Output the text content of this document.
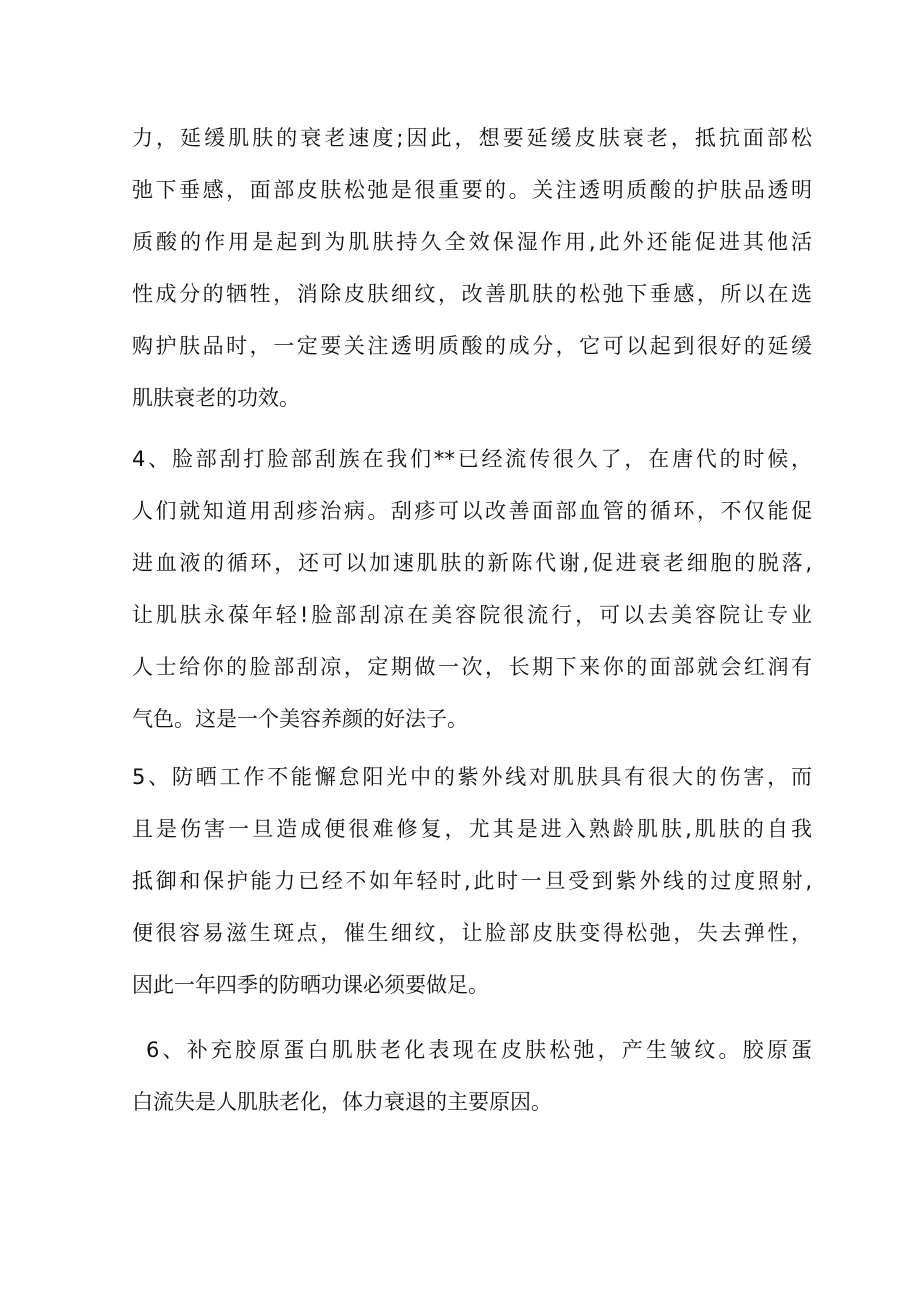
力，延缓肌肤的衰老速度;因此，想要延缓皮肤衰老，抵抗面部松
弛下垂感，面部皮肤松弛是很重要的。关注透明质酸的护肤品透明
质酸的作用是起到为肌肤持久全效保湿作用,此外还能促进其他活
性成分的牺牲，消除皮肤细纹，改善肌肤的松弛下垂感，所以在选
购护肤品时，一定要关注透明质酸的成分，它可以起到很好的延缓
肌肤衰老的功效。
4、脸部刮打脸部刮族在我们**已经流传很久了，在唐代的时候，
人们就知道用刮疹治病。刮疹可以改善面部血管的循环，不仅能促
进血液的循环，还可以加速肌肤的新陈代谢,促进衰老细胞的脱落,
让肌肤永葆年轻!脸部刮凉在美容院很流行，可以去美容院让专业
人士给你的脸部刮凉，定期做一次，长期下来你的面部就会红润有
气色。这是一个美容养颜的好法子。
5、防晒工作不能懈怠阳光中的紫外线对肌肤具有很大的伤害，而
且是伤害一旦造成便很难修复，尤其是进入熟龄肌肤,肌肤的自我
抵御和保护能力已经不如年轻时,此时一旦受到紫外线的过度照射,
便很容易滋生斑点，催生细纹，让脸部皮肤变得松弛，失去弹性，
因此一年四季的防晒功课必须要做足。
6、补充胶原蛋白肌肤老化表现在皮肤松弛，产生皱纹。胶原蛋
白流失是人肌肤老化，体力衰退的主要原因。
